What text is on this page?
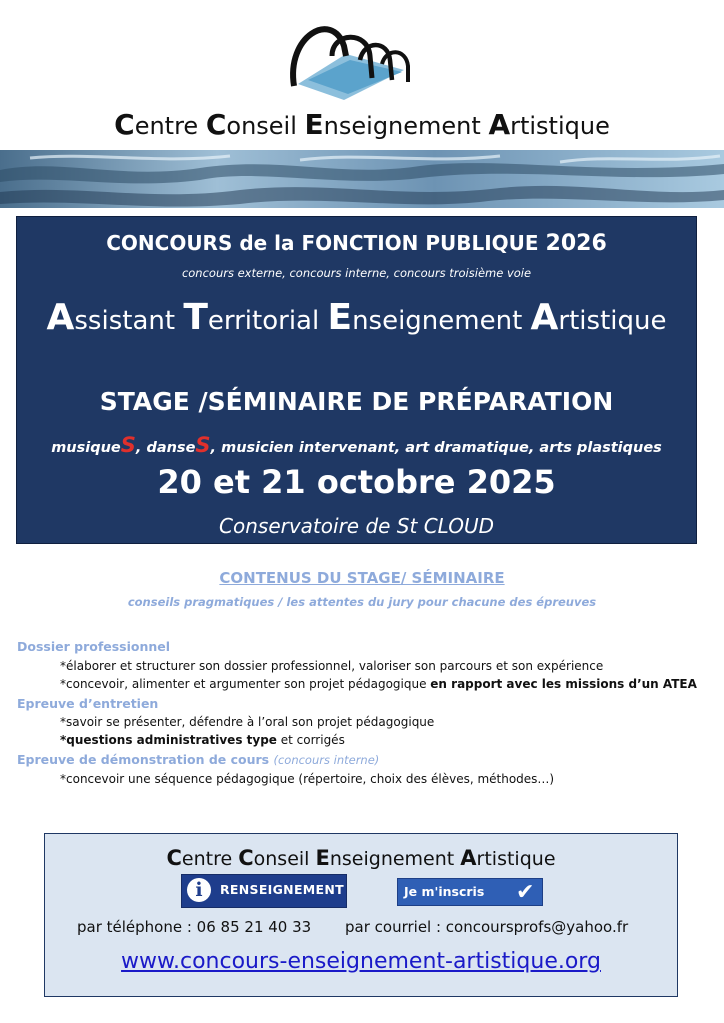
Centre Conseil Enseignement Artistique
CONCOURS de la FONCTION PUBLIQUE 2026
concours externe, concours interne, concours troisième voie
Assistant Territorial Enseignement Artistique
STAGE /SÉMINAIRE DE PRÉPARATION
musiqueS, danseS, musicien intervenant, art dramatique, arts plastiques
20 et 21 octobre 2025
Conservatoire de St CLOUD
CONTENUS DU STAGE/ SÉMINAIRE
conseils pragmatiques / les attentes du jury pour chacune des épreuves
Dossier professionnel
*élaborer et structurer son dossier professionnel, valoriser son parcours et son expérience
*concevoir, alimenter et argumenter son projet pédagogique en rapport avec les missions d’un ATEA
Epreuve d’entretien
*savoir se présenter, défendre à l’oral son projet pédagogique
*questions administratives type et corrigés
Epreuve de démonstration de cours (concours interne)
*concevoir une séquence pédagogique (répertoire, choix des élèves, méthodes…)
Centre Conseil Enseignement Artistique
i	RENSEIGNEMENT	Je m'inscris ✔
par téléphone : 06 85 21 40 33 par courriel : concoursprofs@yahoo.fr
www.concours-enseignement-artistique.org
